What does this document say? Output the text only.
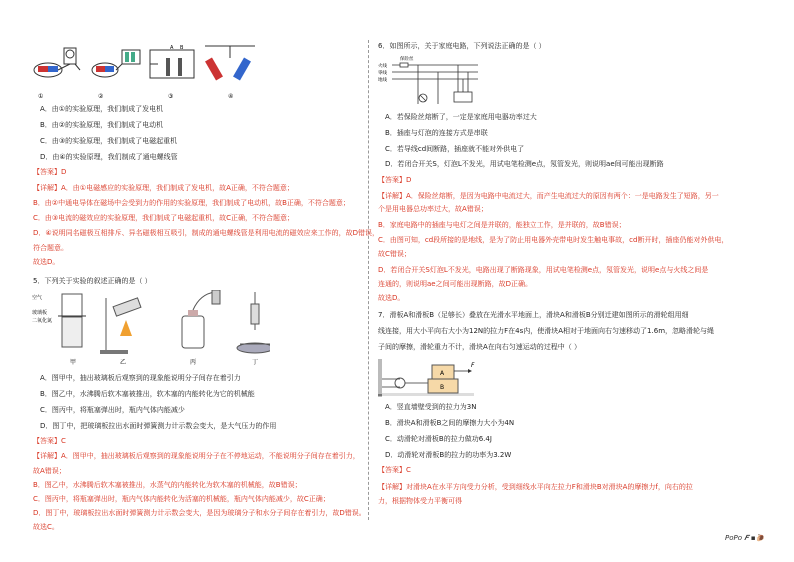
A B
①	②	③	④
A．由①的实验原理，我们制成了发电机
B．由②的实验原理，我们制成了电动机
C．由③的实验原理，我们制成了电磁起重机
D．由④的实验原理，我们制成了通电螺线管
【答案】D
【详解】A．由①电磁感应的实验原理，我们制成了发电机，故A正确，不符合题意；
B．由②中通电导体在磁场中会受到力的作用的实验原理，我们制成了电动机，故B正确，不符合题意；
C．由③电流的磁效应的实验原理，我们制成了电磁起重机，故C正确，不符合题意；
D．④说明同名磁极互相排斥、异名磁极相互吸引，制成的通电螺线管是利用电流的磁效应来工作的，故D错误，
符合题意。
故选D。
5．下列关于实验的叙述正确的是（ ）
空气
玻璃板
二氧化氮
甲	乙	丙	丁
A．图甲中，抽出玻璃板后观察到的现象能说明分子间存在着引力
B．图乙中，水沸腾后软木塞被推出，软木塞的内能转化为它的机械能
C．图丙中，将瓶塞弹出时，瓶内气体内能减少
D．图丁中，把玻璃板拉出水面时弹簧测力计示数会变大，是大气压力的作用
【答案】C
【详解】A．图甲中，抽出玻璃板后观察到的现象能说明分子在不停地运动，不能说明分子间存在着引力，
故A错误；
B．图乙中，水沸腾后软木塞被推出，水蒸气的内能转化为软木塞的机械能，故B错误；
C．图丙中，将瓶塞弹出时，瓶内气体内能转化为活塞的机械能，瓶内气体内能减少，故C正确；
D．图丁中，玻璃板拉出水面时弹簧测力计示数会变大，是因为玻璃分子和水分子间存在着引力，故D错误。
故选C。
6．如图所示，关于家庭电路，下列说法正确的是（ ）
保险丝
火线
零线
地线
A．若保险丝熔断了，一定是家庭用电器功率过大
B．插座与灯泡的连接方式是串联
C．若导线cd间断路，插座就不能对外供电了
D．若闭合开关S，灯泡L不发光，用试电笔检测e点，氖管发光，则说明ae间可能出现断路
【答案】D
【详解】A．保险丝熔断，是因为电路中电流过大，而产生电流过大的原因有两个：一是电路发生了短路，另一
个是用电器总功率过大，故A错误；
B．家庭电路中的插座与电灯之间是并联的，能独立工作，是并联的，故B错误；
C．由图可知，cd段所接的是地线，是为了防止用电器外壳带电时发生触电事故，cd断开时，插座仍能对外供电，
故C错误；
D．若闭合开关S灯泡L不发光，电路出现了断路现象，用试电笔检测e点，氖管发光，说明e点与火线之间是
连通的，则说明ae之间可能出现断路，故D正确。
故选D。
7．滑板A和滑板B（足够长）叠放在光滑水平地面上，滑块A和滑板B分别迁建如图所示的滑轮组用细
线连接，用大小平向右大小为12N的拉力F在4s内，使滑块A相对于地面向右匀速移动了1.6m，忽略滑轮与绳
子间的摩擦，滑轮重力不计，滑块A在向右匀速运动的过程中（ ）
A
B
F
A．竖直墙壁受到的拉力为3N
B．滑块A和滑板B之间的摩擦力大小为4N
C．动滑轮对滑板B的拉力做功6.4J
D．动滑轮对滑板B的拉力的功率为3.2W
【答案】C
【详解】对滑块A在水平方向受力分析，受到细线水平向左拉力F和滑块B对滑块A的摩擦力f，向右的拉
力，根据物体受力平衡可得
PoPo 𝑭 ▪🐌
